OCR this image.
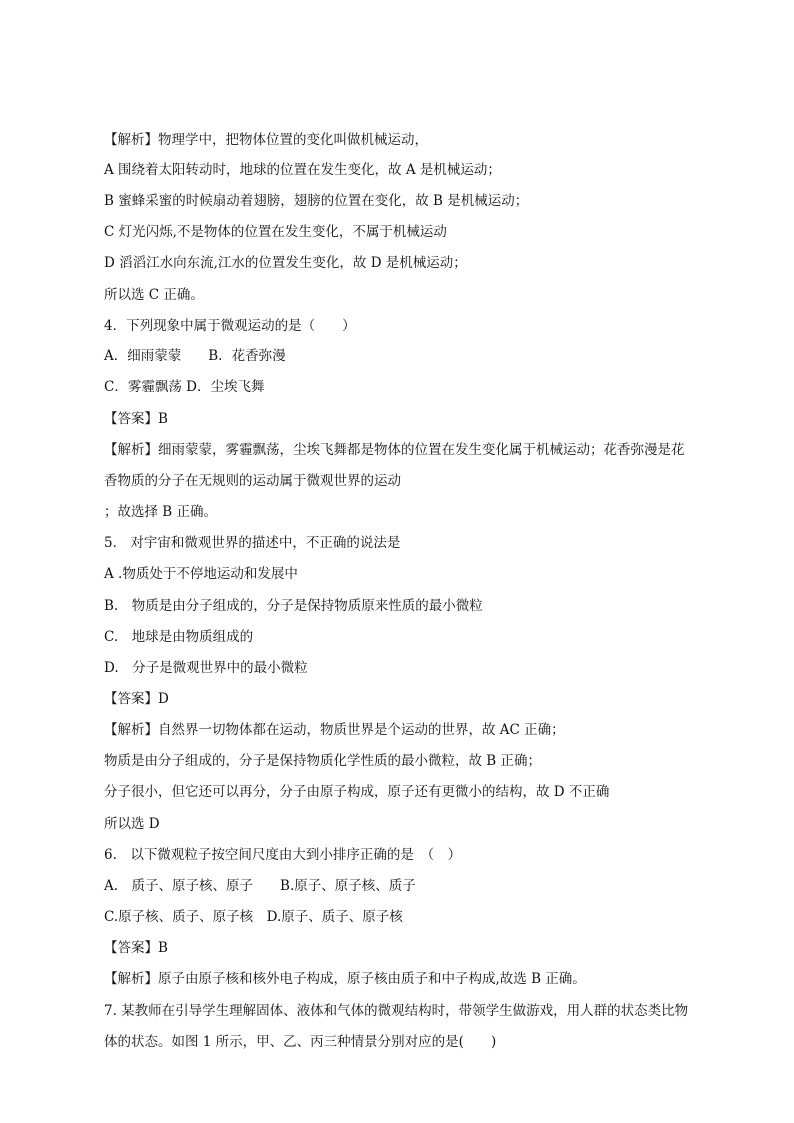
【解析】物理学中，把物体位置的变化叫做机械运动，
A 围绕着太阳转动时，地球的位置在发生变化，故 A 是机械运动；
B 蜜蜂采蜜的时候扇动着翅膀，翅膀的位置在变化，故 B 是机械运动；
C 灯光闪烁,不是物体的位置在发生变化，不属于机械运动
D 滔滔江水向东流,江水的位置发生变化，故 D 是机械运动；
所以选 C 正确。
4．下列现象中属于微观运动的是（　　）
A．细雨蒙蒙　　B．花香弥漫
C．雾霾飘荡 D．尘埃飞舞
【答案】B
【解析】细雨蒙蒙，雾霾飘荡，尘埃飞舞都是物体的位置在发生变化属于机械运动；花香弥漫是花
香物质的分子在无规则的运动属于微观世界的运动
；故选择 B 正确。
5． 对宇宙和微观世界的描述中，不正确的说法是
A .物质处于不停地运动和发展中
B.　物质是由分子组成的，分子是保持物质原来性质的最小微粒
C.　地球是由物质组成的
D.　分子是微观世界中的最小微粒
【答案】D
【解析】自然界一切物体都在运动，物质世界是个运动的世界，故 AC 正确；
物质是由分子组成的，分子是保持物质化学性质的最小微粒，故 B 正确；
分子很小，但它还可以再分，分子由原子构成，原子还有更微小的结构，故 D 不正确
所以选 D
6.　以下微观粒子按空间尺度由大到小排序正确的是　（　）
A.　质子、原子核、原子　　B.原子、原子核、质子
C.原子核、质子、原子核　D.原子、质子、原子核
【答案】B
【解析】原子由原子核和核外电子构成，原子核由质子和中子构成,故选 B 正确。
7. 某教师在引导学生理解固体、液体和气体的微观结构时，带领学生做游戏，用人群的状态类比物
体的状态。如图 1 所示，甲、乙、丙三种情景分别对应的是(　　)
